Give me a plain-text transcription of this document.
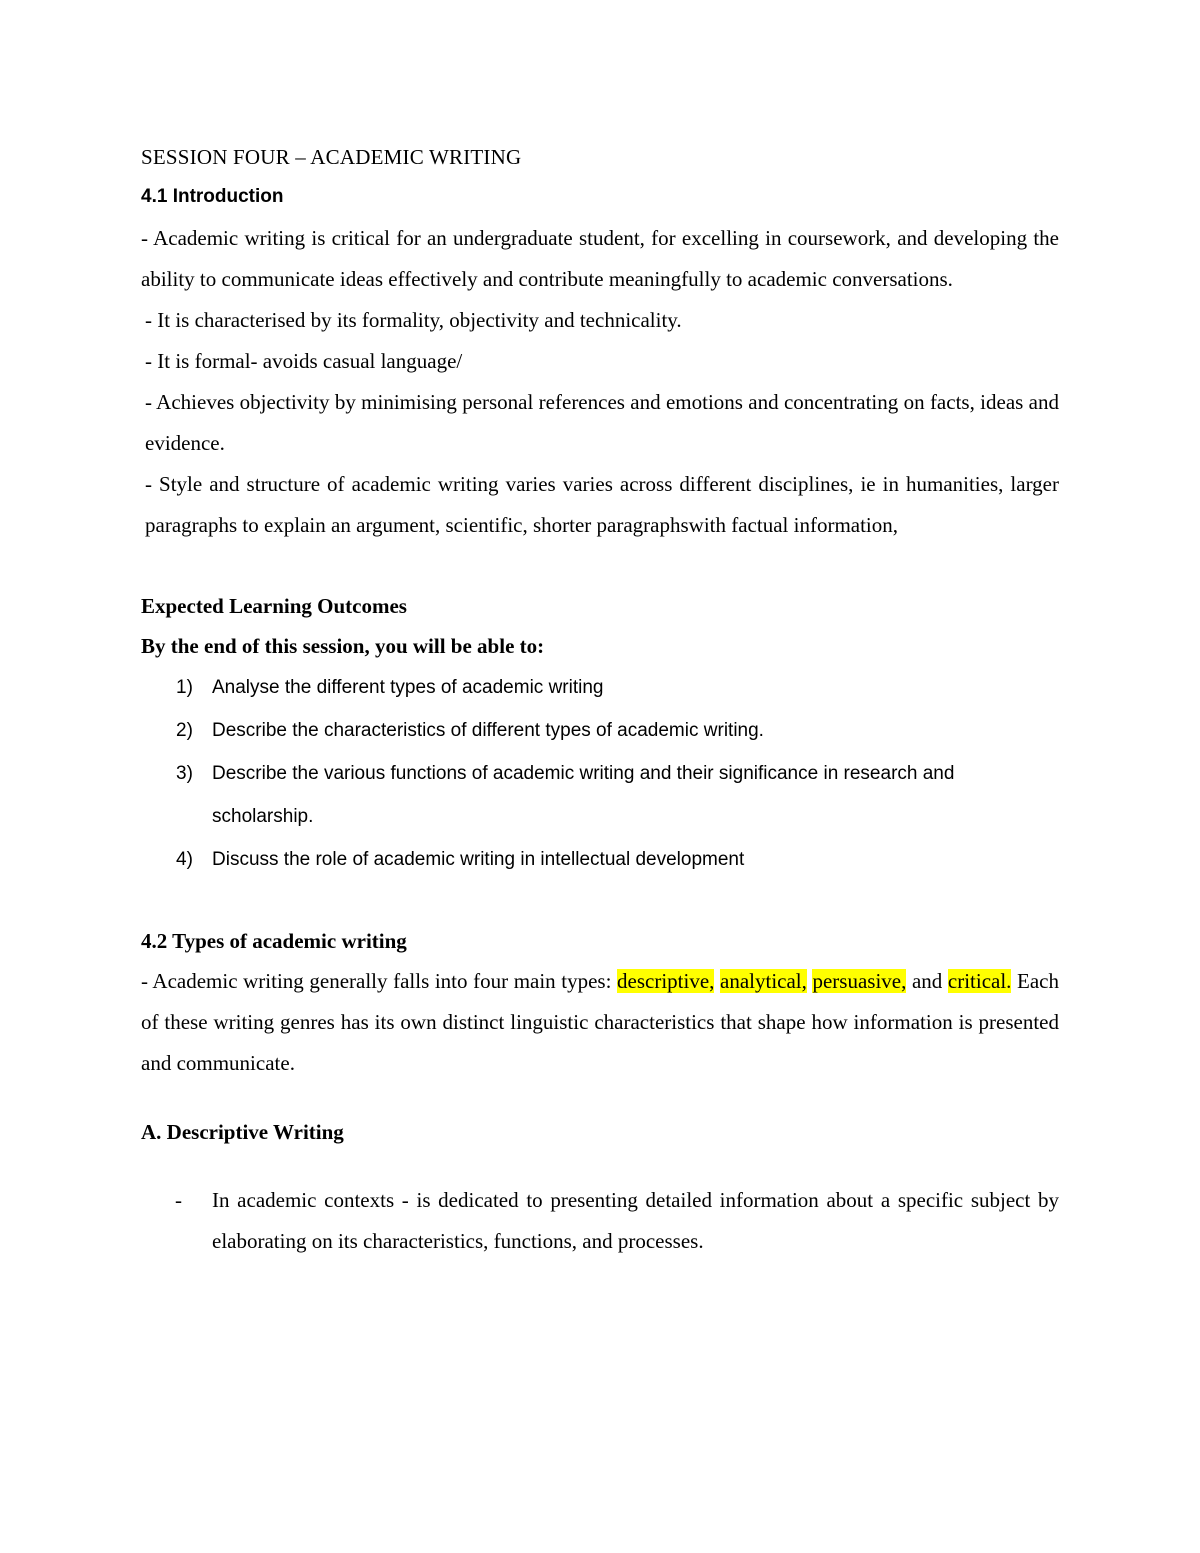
SESSION FOUR – ACADEMIC WRITING

4.1 Introduction

- Academic writing is critical for an undergraduate student, for excelling in coursework, and developing the ability to communicate ideas effectively and contribute meaningfully to academic conversations.

- It is characterised by its formality, objectivity and technicality.

- It is formal- avoids casual language/

- Achieves objectivity by minimising personal references and emotions and concentrating on facts, ideas and evidence.

- Style and structure of academic writing varies varies across different disciplines, ie in humanities, larger paragraphs to explain an argument, scientific, shorter paragraphswith factual information,

Expected Learning Outcomes

By the end of this session, you will be able to:

1) Analyse the different types of academic writing
2) Describe the characteristics of different types of academic writing.
3) Describe the various functions of academic writing and their significance in research and scholarship.
4) Discuss the role of academic writing in intellectual development

4.2 Types of academic writing

- Academic writing generally falls into four main types: descriptive, analytical, persuasive, and critical. Each of these writing genres has its own distinct linguistic characteristics that shape how information is presented and communicate.

A. Descriptive Writing

- In academic contexts - is dedicated to presenting detailed information about a specific subject by elaborating on its characteristics, functions, and processes.
